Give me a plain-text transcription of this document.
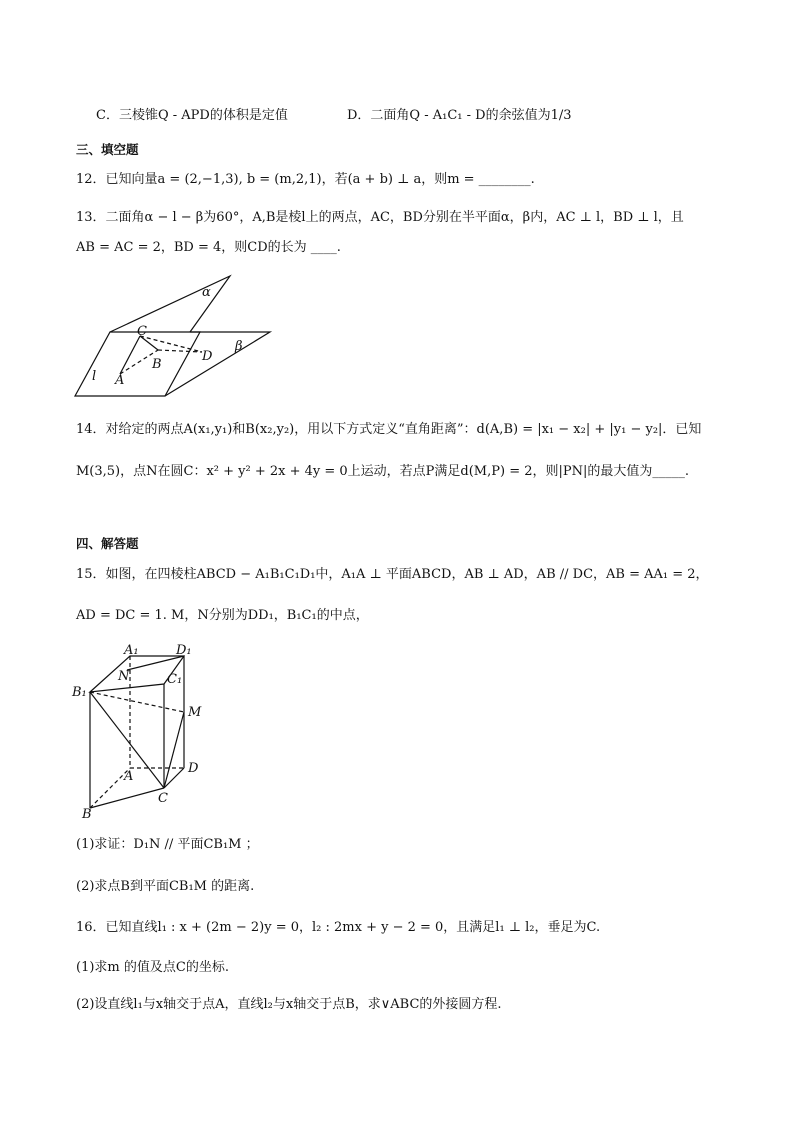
C．三棱锥Q - APD的体积是定值	D．二面角Q - A₁C₁ - D的余弦值为1/3
三、填空题
12．已知向量a = (2,−1,3), b = (m,2,1)，若(a + b) ⊥ a，则m = ________.
13．二面角α − l − β为60°，A,B是棱l上的两点，AC，BD分别在半平面α，β内，AC ⊥ l，BD ⊥ l，且
AB = AC = 2，BD = 4，则CD的长为 ____.
α
β
C
D
B
A
l
14．对给定的两点A(x₁,y₁)和B(x₂,y₂)，用以下方式定义“直角距离”：d(A,B) = |x₁ − x₂| + |y₁ − y₂|．已知
M(3,5)，点N在圆C：x² + y² + 2x + 4y = 0上运动，若点P满足d(M,P) = 2，则|PN|的最大值为_____.
四、解答题
15．如图，在四棱柱ABCD − A₁B₁C₁D₁中，A₁A ⊥ 平面ABCD，AB ⊥ AD，AB // DC，AB = AA₁ = 2，
AD = DC = 1. M，N分别为DD₁，B₁C₁的中点，
A₁	D₁
N	C₁
B₁
M
A
D
B
C
(1)求证：D₁N // 平面CB₁M ；
(2)求点B到平面CB₁M 的距离.
16．已知直线l₁ : x + (2m − 2)y = 0，l₂ : 2mx + y − 2 = 0，且满足l₁ ⊥ l₂，垂足为C.
(1)求m 的值及点C的坐标.
(2)设直线l₁与x轴交于点A，直线l₂与x轴交于点B，求∨ABC的外接圆方程.
